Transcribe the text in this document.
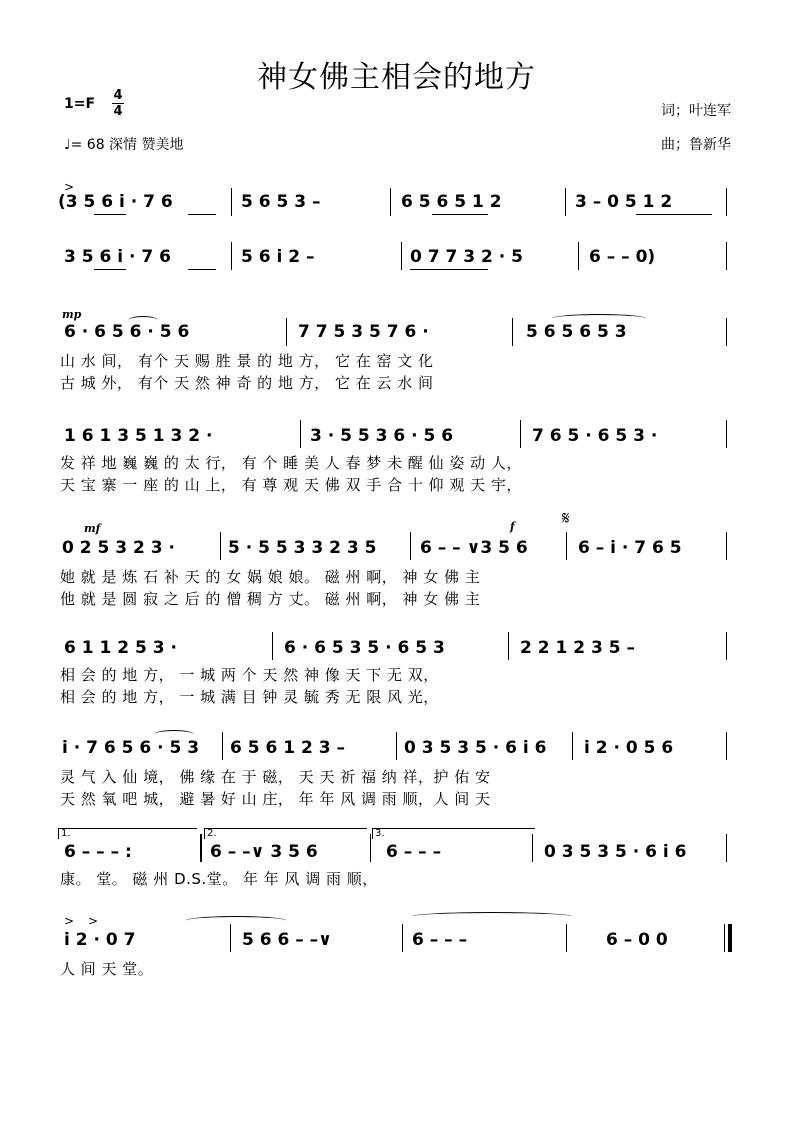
神女佛主相会的地方
1=F
4
4
♩= 68 深情 赞美地
词；叶连军
曲；鲁新华
>
(3 5 6 i · 7 6	5 6 5 3 –	6 5 6 5 1 2	3 – 0 5 1 2
3 5 6 i · 7 6	5 6 i 2 –	0 7 7 3 2 · 5	6 – – 0)
mp
6 · 6 5 6 · 5 6	7 7 5 3 5 7 6 ·	5 6 5 6 5 3
山 水 间， 有个 天 赐 胜 景 的 地 方， 它 在 窑 文 化
古 城 外， 有个 天 然 神 奇 的 地 方， 它 在 云 水 间
1 6 1 3 5 1 3 2 ·	3 · 5 5 3 6 · 5 6	7 6 5 · 6 5 3 ·
发 祥 地 巍 巍 的 太 行， 有 个 睡 美 人 春 梦 未 醒 仙 姿 动 人，
天 宝 寨 一 座 的 山 上， 有 尊 观 天 佛 双 手 合 十 仰 观 天 宇，
mf	f	𝄋
0 2 5 3 2 3 ·	5 · 5 5 3 3 2 3 5	6 – – ∨3 5 6	6 – i · 7 6 5
她 就 是 炼 石 补 天 的 女 娲 娘 娘。 磁 州 啊， 神 女 佛 主
他 就 是 圆 寂 之 后 的 僧 稠 方 丈。 磁 州 啊， 神 女 佛 主
6 1 1 2 5 3 ·	6 · 6 5 3 5 · 6 5 3	2 2 1 2 3 5 –
相 会 的 地 方， 一 城 两 个 天 然 神 像 天 下 无 双，
相 会 的 地 方， 一 城 满 目 钟 灵 毓 秀 无 限 风 光，
i · 7 6 5 6 · 5 3 6 5 6 1 2 3 –	0 3 5 3 5 · 6 i 6 i 2 · 0 5 6
灵 气 入 仙 境， 佛 缘 在 于 磁， 天 天 祈 福 纳 祥，护 佑 安
天 然 氧 吧 城， 避 暑 好 山 庄， 年 年 风 调 雨 顺，人 间 天
1.	2.	3.
6 – – – :	6 – –∨ 3 5 6	6 – – –	0 3 5 3 5 · 6 i 6
康。 堂。 磁 州 D.S.堂。 年 年 风 调 雨 顺，
> >
i 2 · 0 7	5 6 6 – –∨	6 – – –	6 – 0 0
人 间 天 堂。
